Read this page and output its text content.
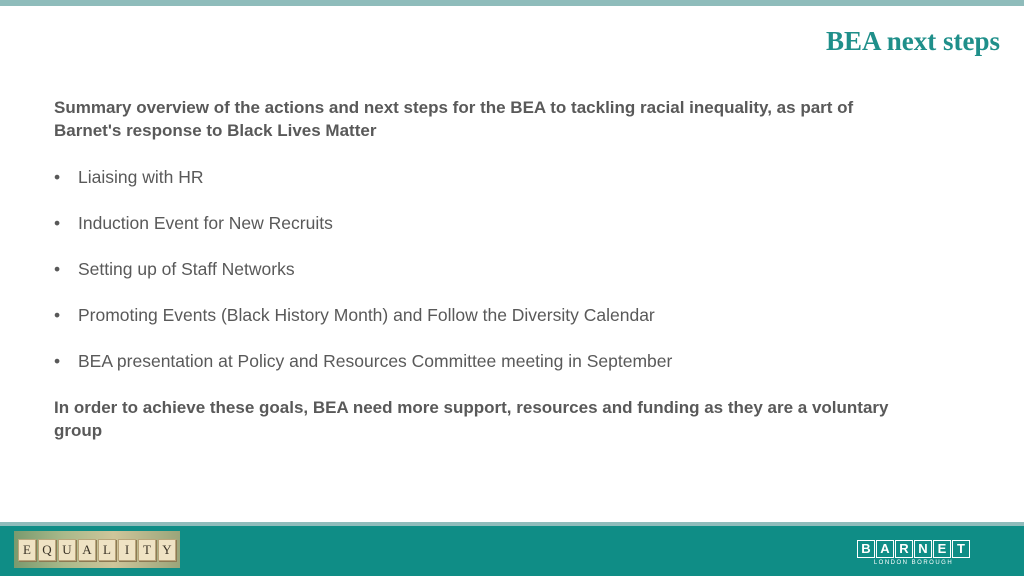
BEA next steps

Summary overview of the actions and next steps for the BEA to tackling racial inequality, as part of Barnet's response to Black Lives Matter

•	Liaising with HR
•	Induction Event for New Recruits
•	Setting up of Staff Networks
•	Promoting Events (Black History Month) and Follow the Diversity Calendar
•	BEA presentation at Policy and Resources Committee meeting in September

In order to achieve these goals, BEA need more support, resources and funding as they are a voluntary group

E Q U A L	I	T Y	B A R N E T
LONDON BOROUGH
